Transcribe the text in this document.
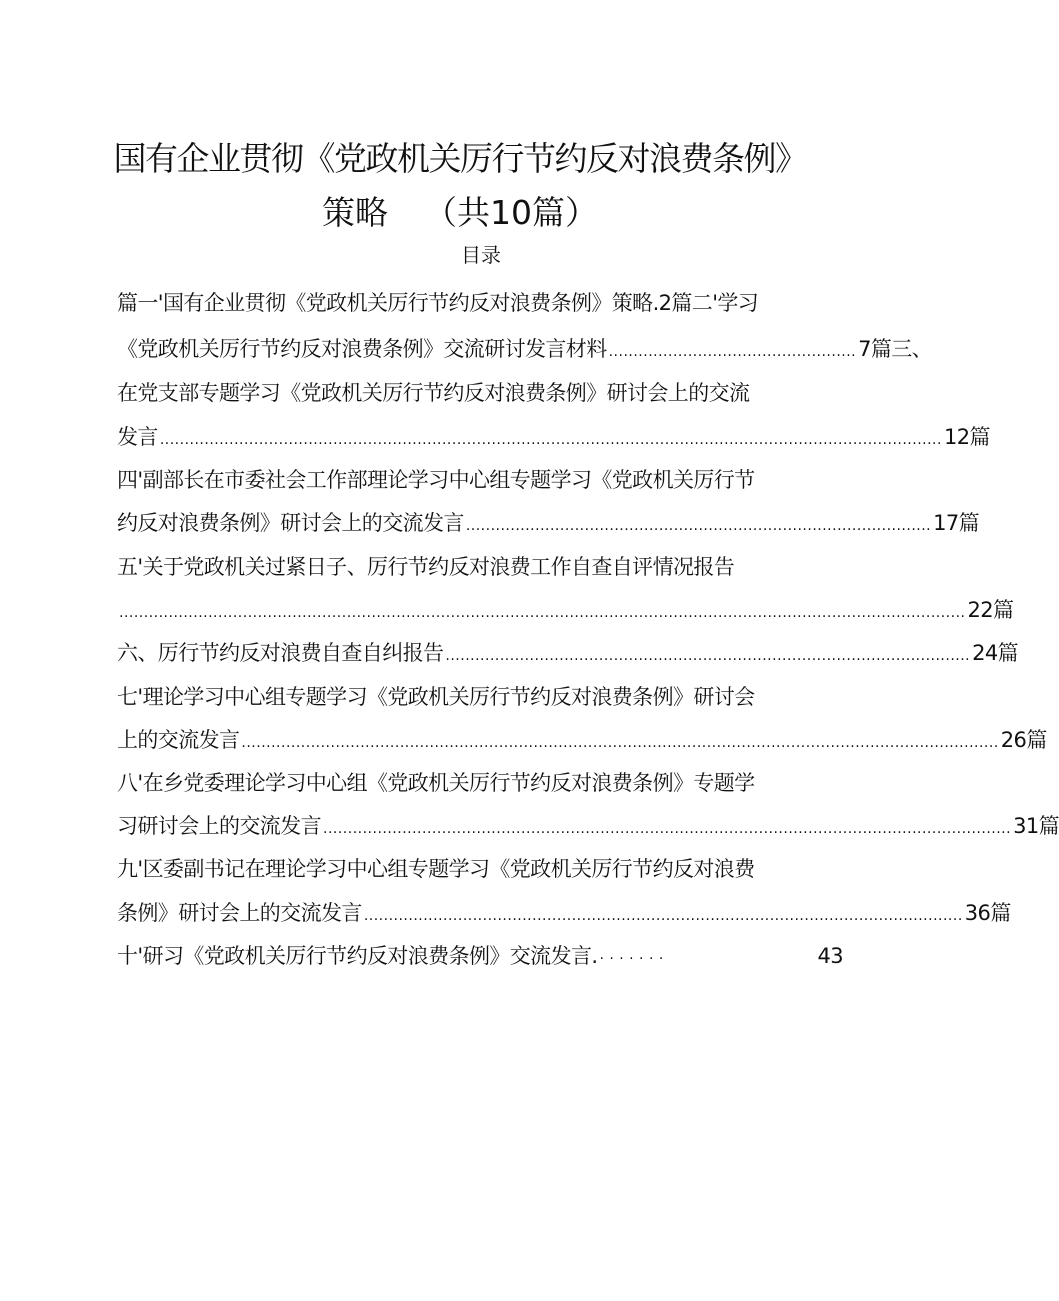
国有企业贯彻《党政机关厉行节约反对浪费条例》
策略 （共10篇）
目录
篇一'国有企业贯彻《党政机关厉行节约反对浪费条例》策略.2篇二'学习
《党政机关厉行节约反对浪费条例》交流研讨发言材料 .................................................. 7篇三、
在党支部专题学习《党政机关厉行节约反对浪费条例》研讨会上的交流
发言 .............................................................................................................................................................. 12篇
四'副部长在市委社会工作部理论学习中心组专题学习《党政机关厉行节
约反对浪费条例》研讨会上的交流发言 .............................................................................................. 17篇
五'关于党政机关过紧日子、厉行节约反对浪费工作自查自评情况报告
........................................................................................................................................................................... 22篇
六、厉行节约反对浪费自查自纠报告 .......................................................................................................... 24篇
七'理论学习中心组专题学习《党政机关厉行节约反对浪费条例》研讨会
上的交流发言 ......................................................................................................................................................... 26篇
八'在乡党委理论学习中心组《党政机关厉行节约反对浪费条例》专题学
习研讨会上的交流发言 ........................................................................................................................................... 31篇
九'区委副书记在理论学习中心组专题学习《党政机关厉行节约反对浪费
条例》研讨会上的交流发言 ......................................................................................................................... 36篇
十'研习《党政机关厉行节约反对浪费条例》交流发言. · · · · · · ·	43
